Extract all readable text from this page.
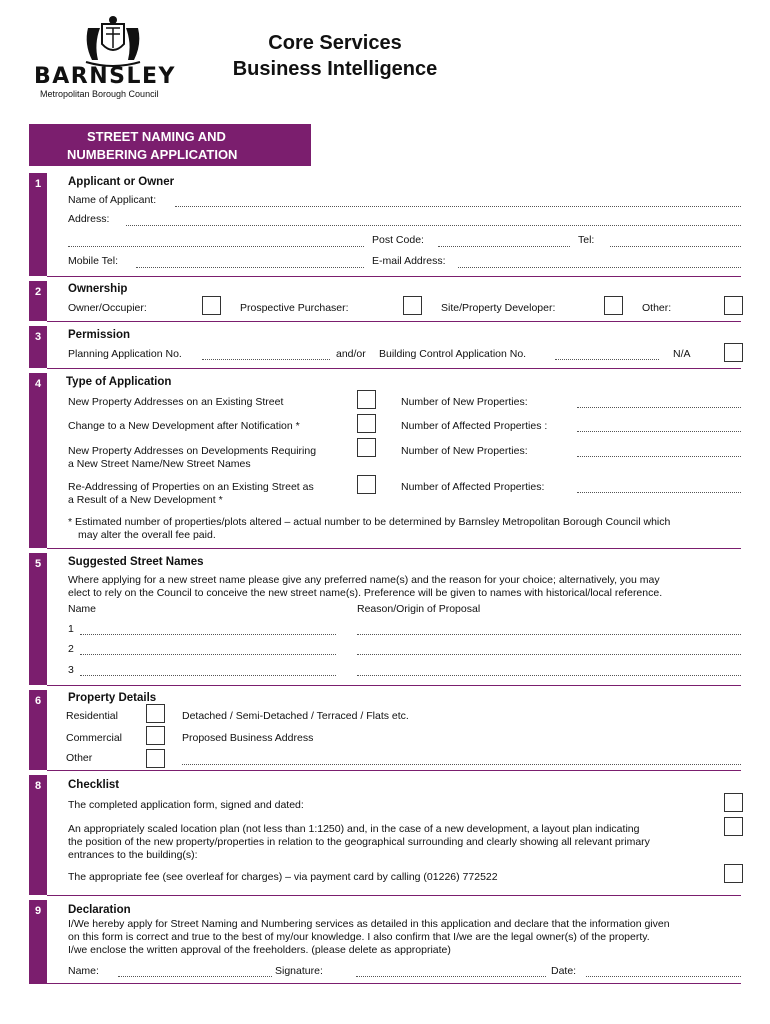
BARNSLEY
Metropolitan Borough Council
Core Services
Business Intelligence
STREET NAMING AND
NUMBERING APPLICATION
1 Applicant or Owner
Name of Applicant:
Address:
Post Code:	Tel:
Mobile Tel:	E-mail Address:
2 Ownership
Owner/Occupier:	Prospective Purchaser:	Site/Property Developer:	Other:
3 Permission
Planning Application No.	and/or Building Control Application No.	N/A
4 Type of Application
New Property Addresses on an Existing Street	Number of New Properties:
Change to a New Development after Notification *	Number of Affected Properties :
New Property Addresses on Developments Requiring
a New Street Name/New Street Names
Number of New Properties:
Re-Addressing of Properties on an Existing Street as
a Result of a New Development *
Number of Affected Properties:
* Estimated number of properties/plots altered – actual number to be determined by Barnsley Metropolitan Borough Council which
may alter the overall fee paid.
5 Suggested Street Names
Where applying for a new street name please give any preferred name(s) and the reason for your choice; alternatively, you may
elect to rely on the Council to conceive the new street name(s). Preference will be given to names with historical/local reference.
Name	Reason/Origin of Proposal
1
2
3
6 Property Details
Residential	Detached / Semi-Detached / Terraced / Flats etc.
Commercial	Proposed Business Address
Other
8 Checklist
The completed application form, signed and dated:
An appropriately scaled location plan (not less than 1:1250) and, in the case of a new development, a layout plan indicating
the position of the new property/properties in relation to the geographical surrounding and clearly showing all relevant primary
entrances to the building(s):
The appropriate fee (see overleaf for charges) – via payment card by calling (01226) 772522
9 Declaration
I/We hereby apply for Street Naming and Numbering services as detailed in this application and declare that the information given
on this form is correct and true to the best of my/our knowledge. I also confirm that I/we are the legal owner(s) of the property.
I/we enclose the written approval of the freeholders. (please delete as appropriate)
Name:	Signature:	Date:
